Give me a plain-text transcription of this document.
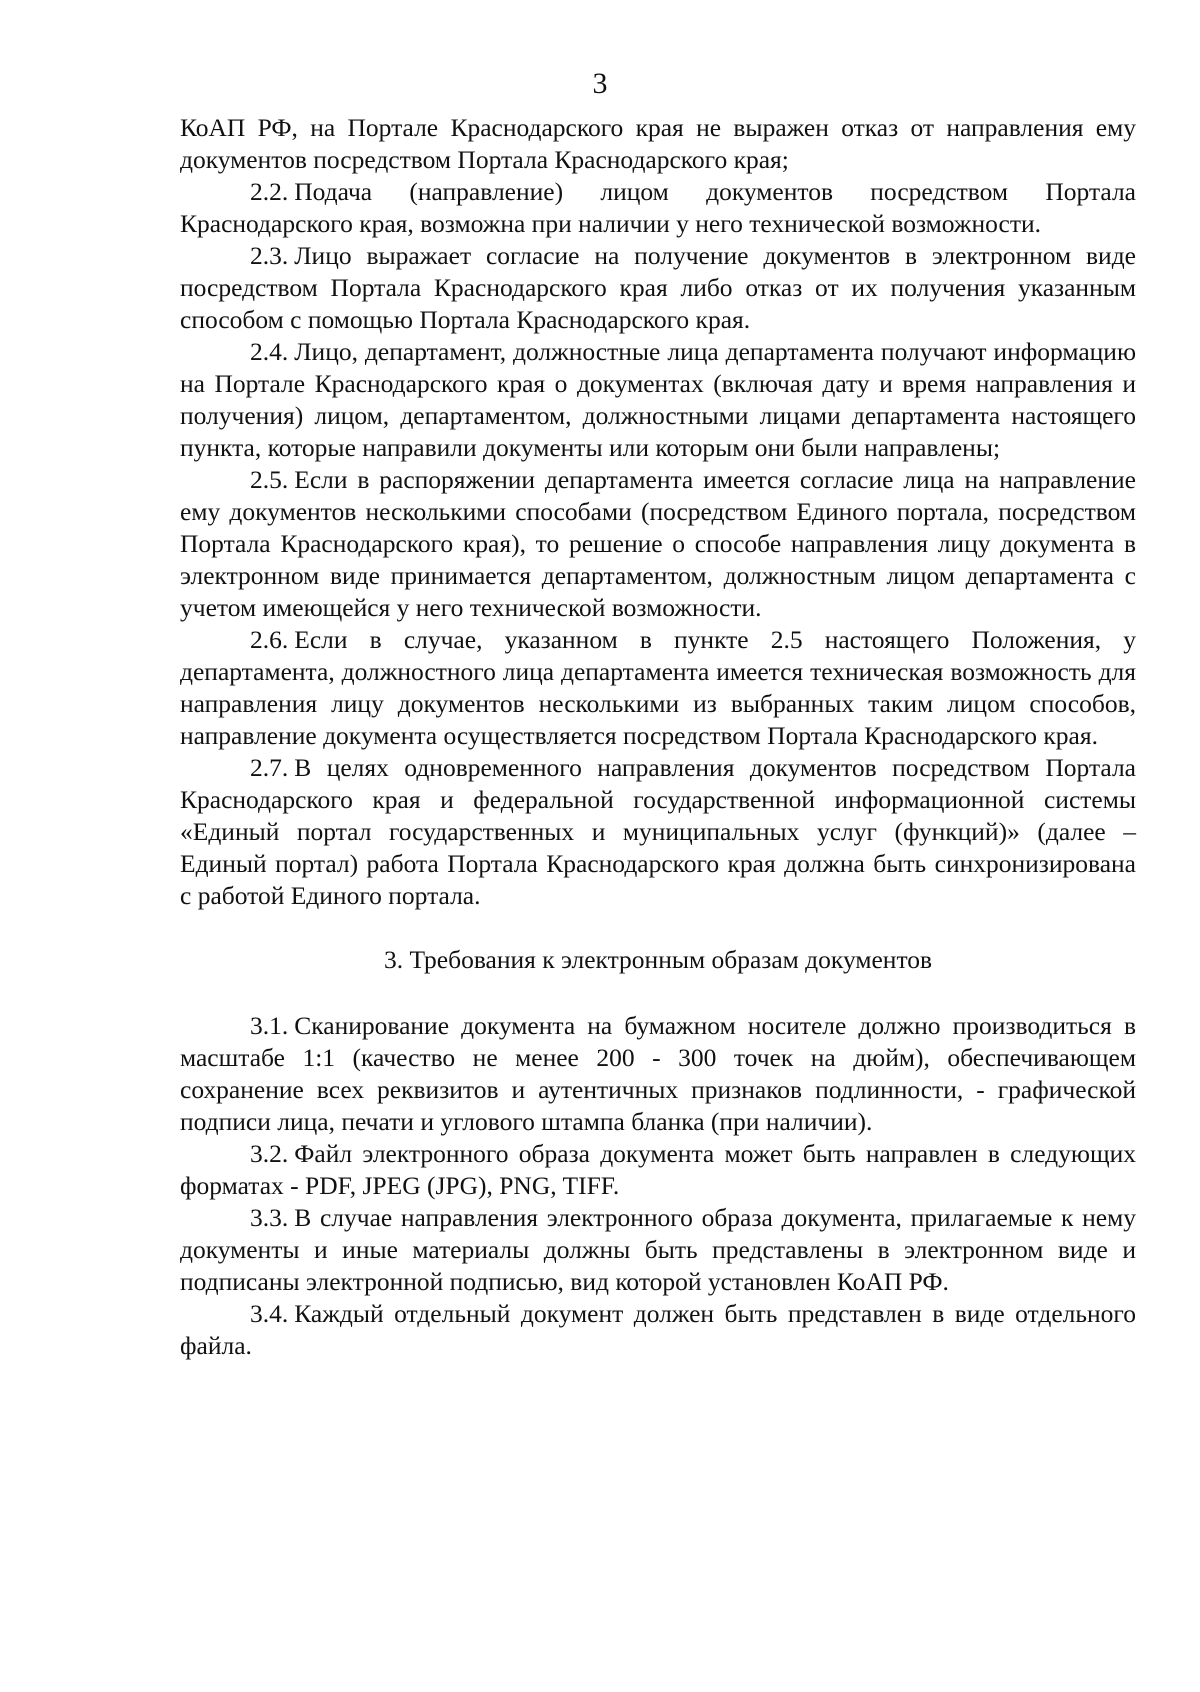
3

КоАП РФ, на Портале Краснодарского края не выражен отказ от направления ему документов посредством Портала Краснодарского края;

2.2. Подача (направление) лицом документов посредством Портала Краснодарского края, возможна при наличии у него технической возможности.

2.3. Лицо выражает согласие на получение документов в электронном виде посредством Портала Краснодарского края либо отказ от их получения указанным способом с помощью Портала Краснодарского края.

2.4. Лицо, департамент, должностные лица департамента получают информацию на Портале Краснодарского края о документах (включая дату и время направления и получения) лицом, департаментом, должностными лицами департамента настоящего пункта, которые направили документы или которым они были направлены;

2.5. Если в распоряжении департамента имеется согласие лица на направление ему документов несколькими способами (посредством Единого портала, посредством Портала Краснодарского края), то решение о способе направления лицу документа в электронном виде принимается департаментом, должностным лицом департамента с учетом имеющейся у него технической возможности.

2.6. Если в случае, указанном в пункте 2.5 настоящего Положения, у департамента, должностного лица департамента имеется техническая возможность для направления лицу документов несколькими из выбранных таким лицом способов, направление документа осуществляется посредством Портала Краснодарского края.

2.7. В целях одновременного направления документов посредством Портала Краснодарского края и федеральной государственной информационной системы «Единый портал государственных и муниципальных услуг (функций)» (далее – Единый портал) работа Портала Краснодарского края должна быть синхронизирована с работой Единого портала.

3. Требования к электронным образам документов

3.1. Сканирование документа на бумажном носителе должно производиться в масштабе 1:1 (качество не менее 200 - 300 точек на дюйм), обеспечивающем сохранение всех реквизитов и аутентичных признаков подлинности, - графической подписи лица, печати и углового штампа бланка (при наличии).

3.2. Файл электронного образа документа может быть направлен в следующих форматах - PDF, JPEG (JPG), PNG, TIFF.

3.3. В случае направления электронного образа документа, прилагаемые к нему документы и иные материалы должны быть представлены в электронном виде и подписаны электронной подписью, вид которой установлен КоАП РФ.

3.4. Каждый отдельный документ должен быть представлен в виде отдельного файла.
